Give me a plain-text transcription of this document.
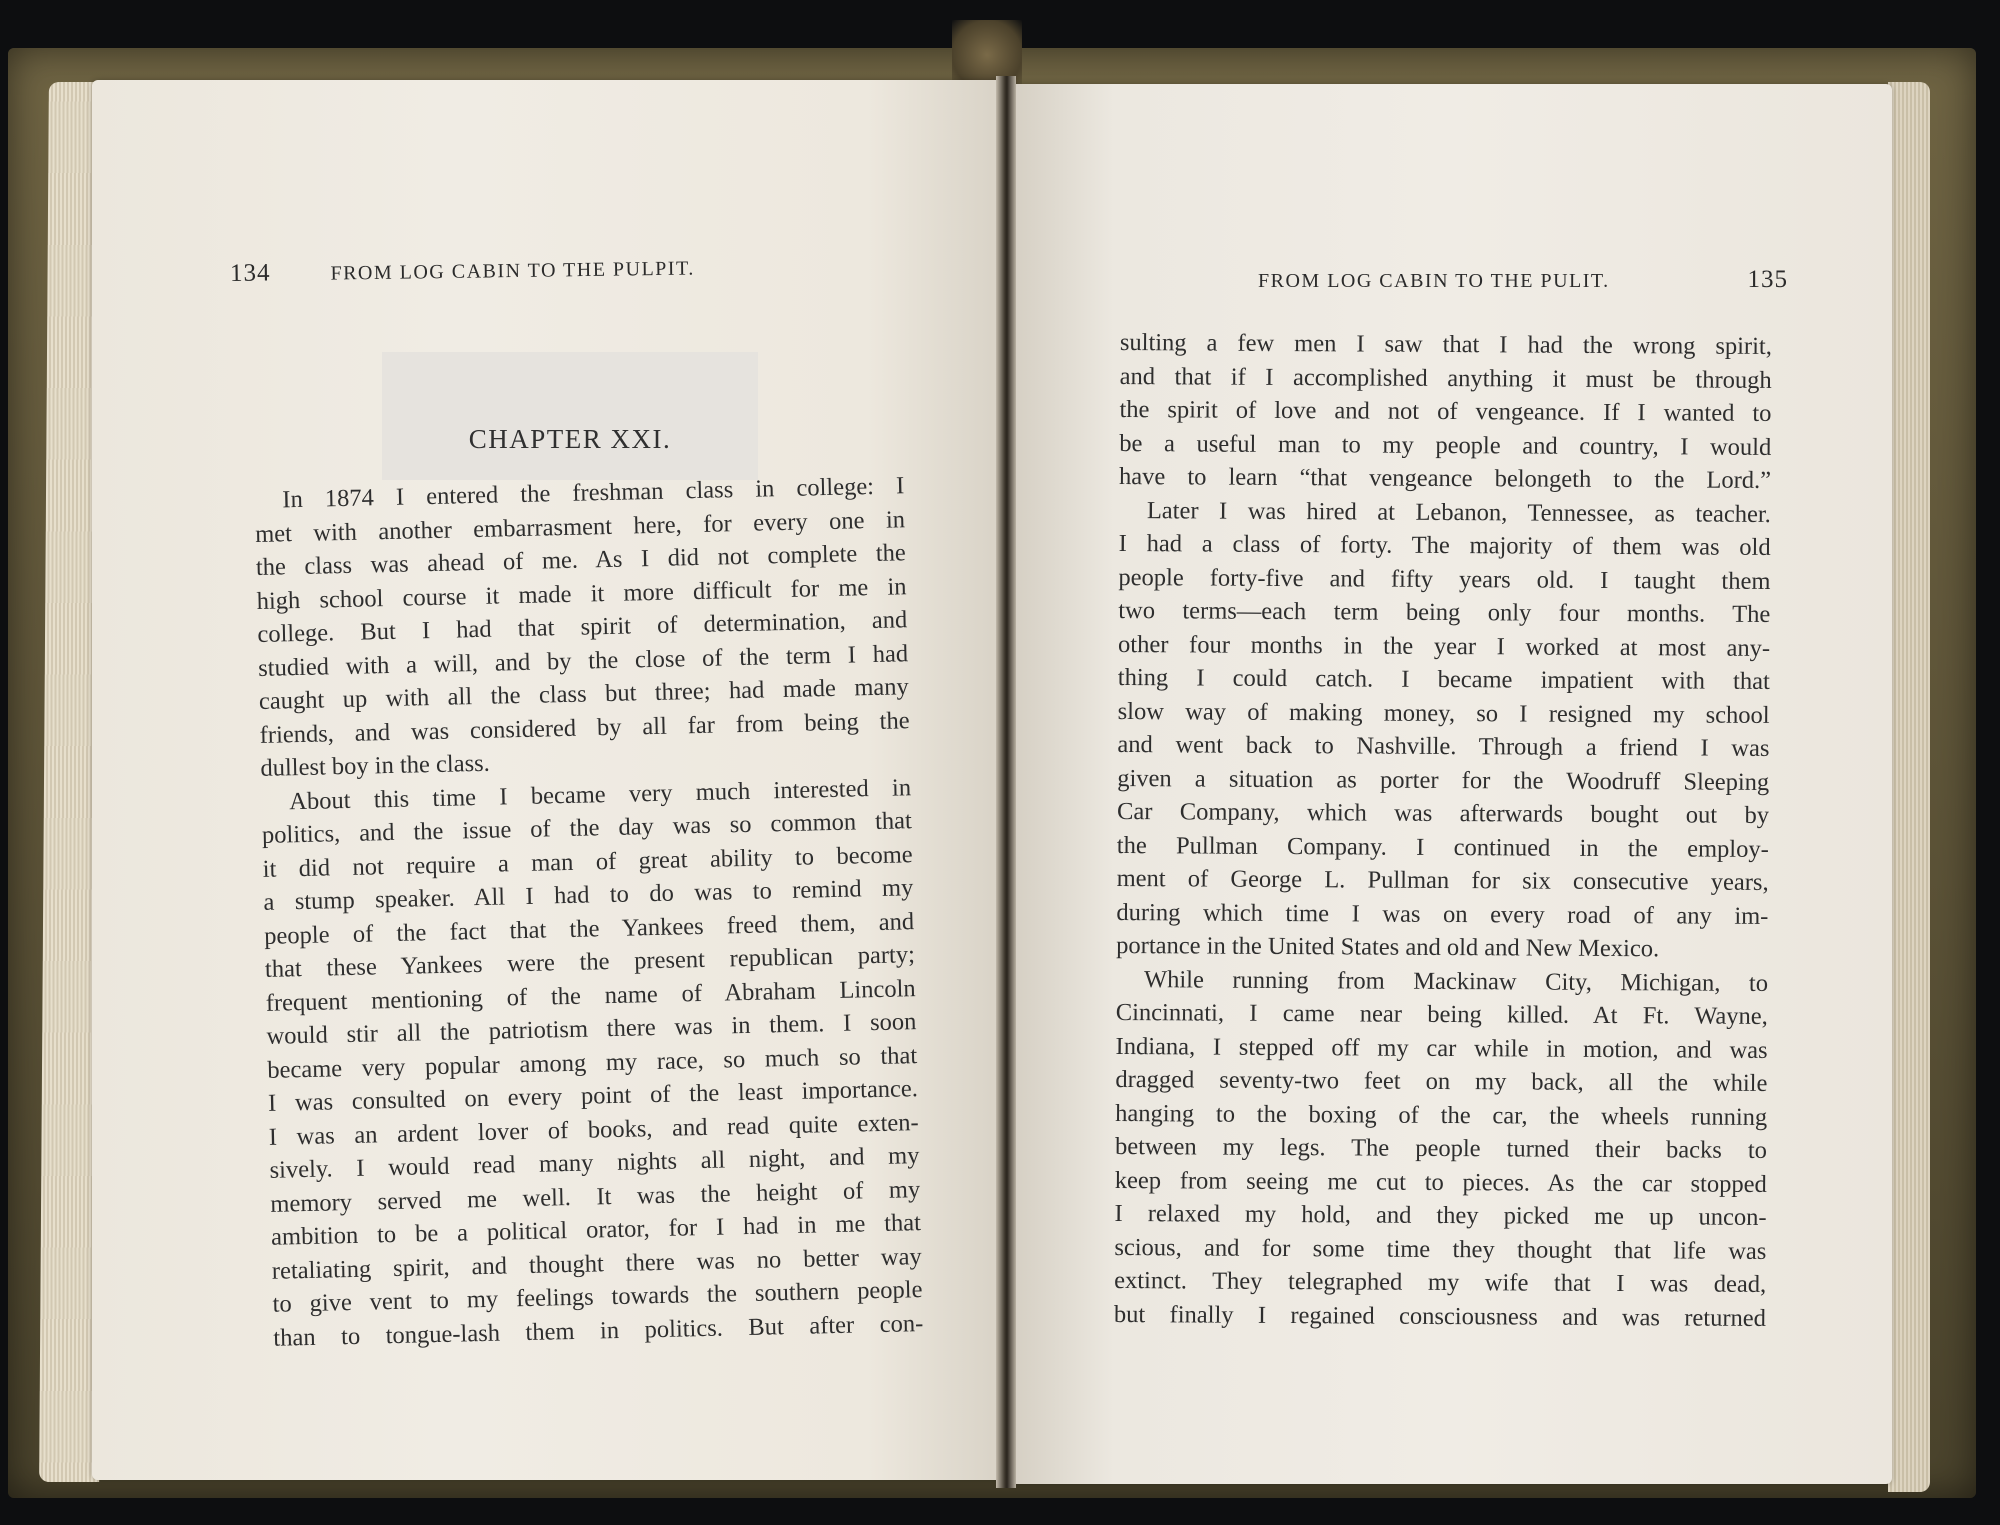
134	FROM LOG CABIN TO THE PULPIT.
CHAPTER XXI.
In 1874 I entered the freshman class in college: I
met with another embarrasment here, for every one in
the class was ahead of me. As I did not complete the
high school course it made it more difficult for me in
college. But I had that spirit of determination, and
studied with a will, and by the close of the term I had
caught up with all the class but three; had made many
friends, and was considered by all far from being the
dullest boy in the class.
About this time I became very much interested in
politics, and the issue of the day was so common that
it did not require a man of great ability to become
a stump speaker. All I had to do was to remind my
people of the fact that the Yankees freed them, and
that these Yankees were the present republican party;
frequent mentioning of the name of Abraham Lincoln
would stir all the patriotism there was in them. I soon
became very popular among my race, so much so that
I was consulted on every point of the least importance.
I was an ardent lover of books, and read quite exten-
sively. I would read many nights all night, and my
memory served me well. It was the height of my
ambition to be a political orator, for I had in me that
retaliating spirit, and thought there was no better way
to give vent to my feelings towards the southern people
than to tongue-lash them in politics. But after con-
FROM LOG CABIN TO THE PULIT.	135
sulting a few men I saw that I had the wrong spirit,
and that if I accomplished anything it must be through
the spirit of love and not of vengeance. If I wanted to
be a useful man to my people and country, I would
have to learn “that vengeance belongeth to the Lord.”
Later I was hired at Lebanon, Tennessee, as teacher.
I had a class of forty. The majority of them was old
people forty-five and fifty years old. I taught them
two terms—each term being only four months. The
other four months in the year I worked at most any-
thing I could catch. I became impatient with that
slow way of making money, so I resigned my school
and went back to Nashville. Through a friend I was
given a situation as porter for the Woodruff Sleeping
Car Company, which was afterwards bought out by
the Pullman Company. I continued in the employ-
ment of George L. Pullman for six consecutive years,
during which time I was on every road of any im-
portance in the United States and old and New Mexico.
While running from Mackinaw City, Michigan, to
Cincinnati, I came near being killed. At Ft. Wayne,
Indiana, I stepped off my car while in motion, and was
dragged seventy-two feet on my back, all the while
hanging to the boxing of the car, the wheels running
between my legs. The people turned their backs to
keep from seeing me cut to pieces. As the car stopped
I relaxed my hold, and they picked me up uncon-
scious, and for some time they thought that life was
extinct. They telegraphed my wife that I was dead,
but finally I regained consciousness and was returned
